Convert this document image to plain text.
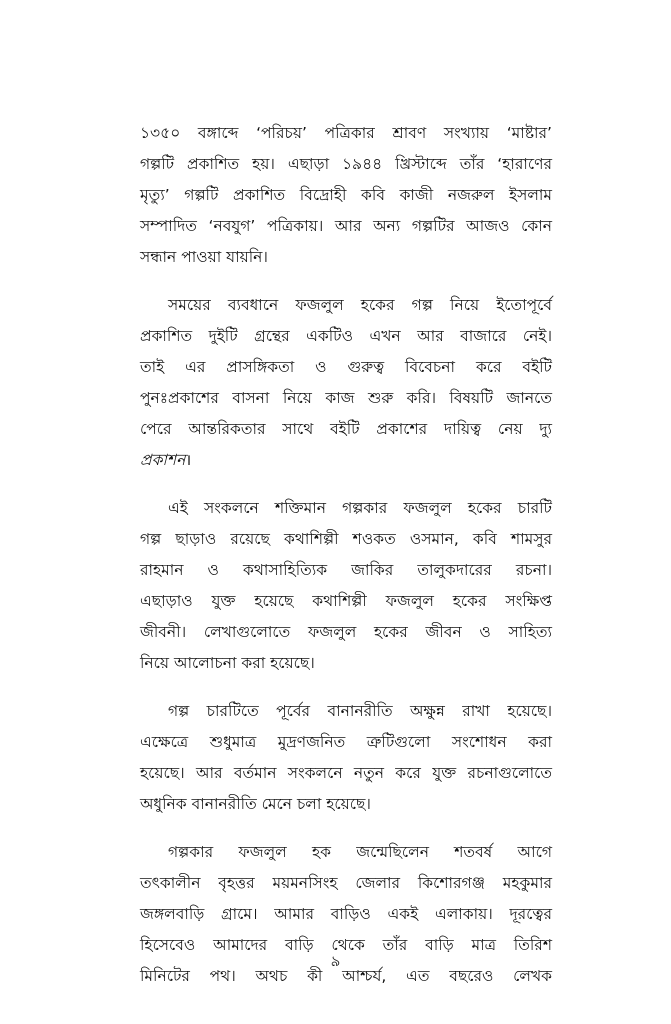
১৩৫০ বঙ্গাব্দে ‘পরিচয়’ পত্রিকার শ্রাবণ সংখ্যায় ‘মাষ্টার’
গল্পটি প্রকাশিত হয়। এছাড়া ১৯৪৪ খ্রিস্টাব্দে তাঁর ‘হারাণের
মৃত্যু’ গল্পটি প্রকাশিত বিদ্রোহী কবি কাজী নজরুল ইসলাম
সম্পাদিত ‘নবযুগ’ পত্রিকায়। আর অন্য গল্পটির আজও কোন
সন্ধান পাওয়া যায়নি।

সময়ের ব্যবধানে ফজলুল হকের গল্প নিয়ে ইতোপূর্বে
প্রকাশিত দুইটি গ্রন্থের একটিও এখন আর বাজারে নেই।
তাই এর প্রাসঙ্গিকতা ও গুরুত্ব বিবেচনা করে বইটি
পুনঃপ্রকাশের বাসনা নিয়ে কাজ শুরু করি। বিষয়টি জানতে
পেরে আন্তরিকতার সাথে বইটি প্রকাশের দায়িত্ব নেয় দ্যু
প্রকাশন।

এই সংকলনে শক্তিমান গল্পকার ফজলুল হকের চারটি
গল্প ছাড়াও রয়েছে কথাশিল্পী শওকত ওসমান, কবি শামসুর
রাহমান ও কথাসাহিত্যিক জাকির তালুকদারের রচনা।
এছাড়াও যুক্ত হয়েছে কথাশিল্পী ফজলুল হকের সংক্ষিপ্ত
জীবনী। লেখাগুলোতে ফজলুল হকের জীবন ও সাহিত্য
নিয়ে আলোচনা করা হয়েছে।

গল্প চারটিতে পূর্বের বানানরীতি অক্ষুন্ন রাখা হয়েছে।
এক্ষেত্রে শুধুমাত্র মুদ্রণজনিত ত্রুটিগুলো সংশোধন করা
হয়েছে। আর বর্তমান সংকলনে নতুন করে যুক্ত রচনাগুলোতে
অধুনিক বানানরীতি মেনে চলা হয়েছে।

গল্পকার ফজলুল হক জন্মেছিলেন শতবর্ষ আগে
তৎকালীন বৃহত্তর ময়মনসিংহ জেলার কিশোরগঞ্জ মহকুমার
জঙ্গলবাড়ি গ্রামে। আমার বাড়িও একই এলাকায়। দূরত্বের
হিসেবেও আমাদের বাড়ি থেকে তাঁর বাড়ি মাত্র তিরিশ
মিনিটের পথ। অথচ কী আশ্চর্য, এত বছরেও লেখক

৯
